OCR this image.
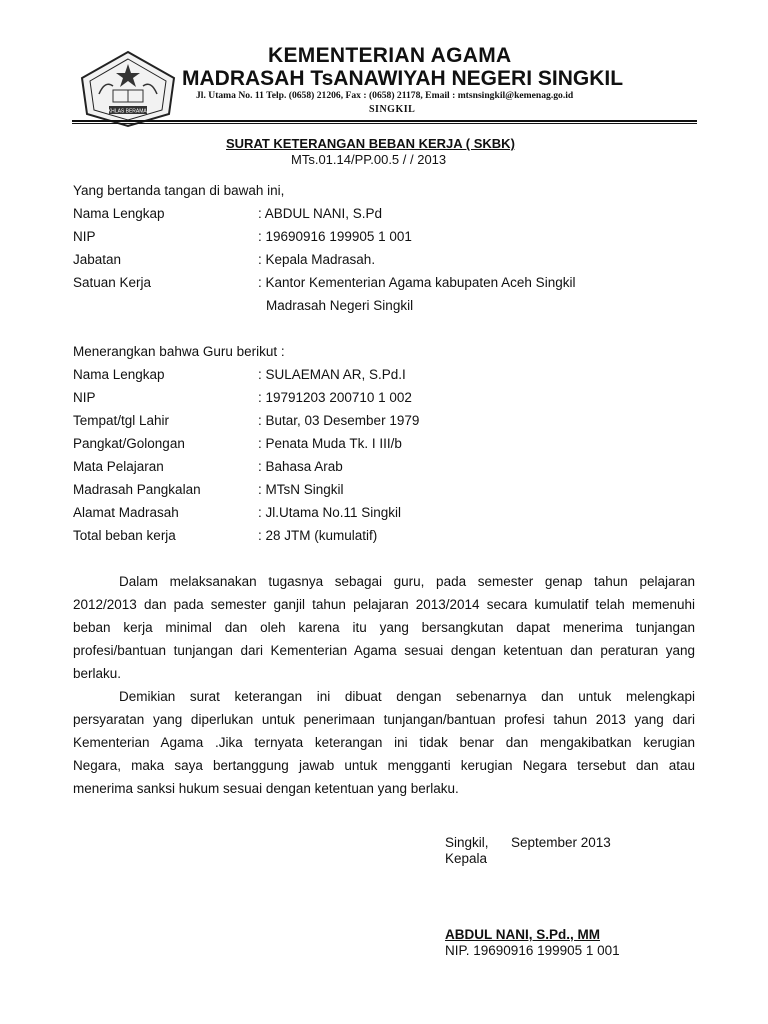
IKHLAS BERAMAL
KEMENTERIAN AGAMA
MADRASAH TsANAWIYAH NEGERI SINGKIL
Jl. Utama No. 11 Telp. (0658) 21206, Fax : (0658) 21178, Email : mtsnsingkil@kemenag.go.id
SINGKIL
SURAT KETERANGAN BEBAN KERJA ( SKBK)
MTs.01.14/PP.00.5 / / 2013
Yang bertanda tangan di bawah ini,
Nama Lengkap	: ABDUL NANI, S.Pd
NIP	: 19690916 199905 1 001
Jabatan	: Kepala Madrasah.
Satuan Kerja	: Kantor Kementerian Agama kabupaten Aceh Singkil
Madrasah Negeri Singkil
Menerangkan bahwa Guru berikut :
Nama Lengkap	: SULAEMAN AR, S.Pd.I
NIP	: 19791203 200710 1 002
Tempat/tgl Lahir	: Butar, 03 Desember 1979
Pangkat/Golongan	: Penata Muda Tk. I III/b
Mata Pelajaran	: Bahasa Arab
Madrasah Pangkalan	: MTsN Singkil
Alamat Madrasah	: Jl.Utama No.11 Singkil
Total beban kerja	: 28 JTM (kumulatif)
Dalam melaksanakan tugasnya sebagai guru, pada semester genap tahun pelajaran
2012/2013 dan pada semester ganjil tahun pelajaran 2013/2014 secara kumulatif telah memenuhi
beban kerja minimal dan oleh karena itu yang bersangkutan dapat menerima tunjangan
profesi/bantuan tunjangan dari Kementerian Agama sesuai dengan ketentuan dan peraturan yang
berlaku.
Demikian surat keterangan ini dibuat dengan sebenarnya dan untuk melengkapi
persyaratan yang diperlukan untuk penerimaan tunjangan/bantuan profesi tahun 2013 yang dari
Kementerian Agama .Jika ternyata keterangan ini tidak benar dan mengakibatkan kerugian
Negara, maka saya bertanggung jawab untuk mengganti kerugian Negara tersebut dan atau
menerima sanksi hukum sesuai dengan ketentuan yang berlaku.
Singkil, September 2013
Kepala
ABDUL NANI, S.Pd., MM
NIP. 19690916 199905 1 001
